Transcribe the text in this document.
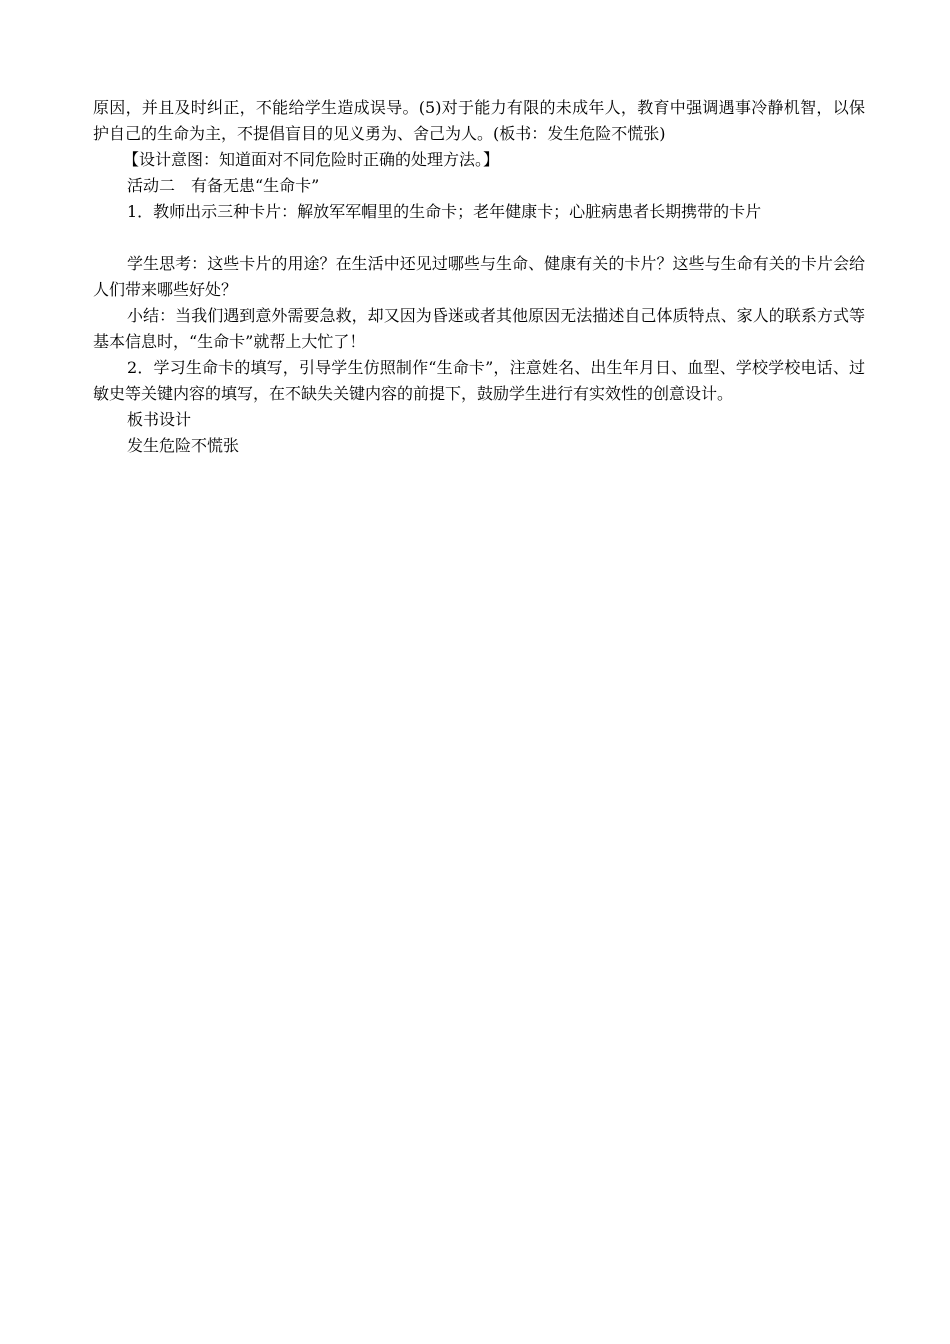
原因，并且及时纠正，不能给学生造成误导。(5)对于能力有限的未成年人，教育中强调遇事冷静机智，以保护自己的生命为主，不提倡盲目的见义勇为、舍己为人。(板书：发生危险不慌张)

【设计意图：知道面对不同危险时正确的处理方法。】

活动二　有备无患“生命卡”

1．教师出示三种卡片：解放军军帽里的生命卡；老年健康卡；心脏病患者长期携带的卡片

学生思考：这些卡片的用途？在生活中还见过哪些与生命、健康有关的卡片？这些与生命有关的卡片会给人们带来哪些好处？

小结：当我们遇到意外需要急救，却又因为昏迷或者其他原因无法描述自己体质特点、家人的联系方式等基本信息时，“生命卡”就帮上大忙了！

2．学习生命卡的填写，引导学生仿照制作“生命卡”，注意姓名、出生年月日、血型、学校学校电话、过敏史等关键内容的填写，在不缺失关键内容的前提下，鼓励学生进行有实效性的创意设计。

板书设计

发生危险不慌张
